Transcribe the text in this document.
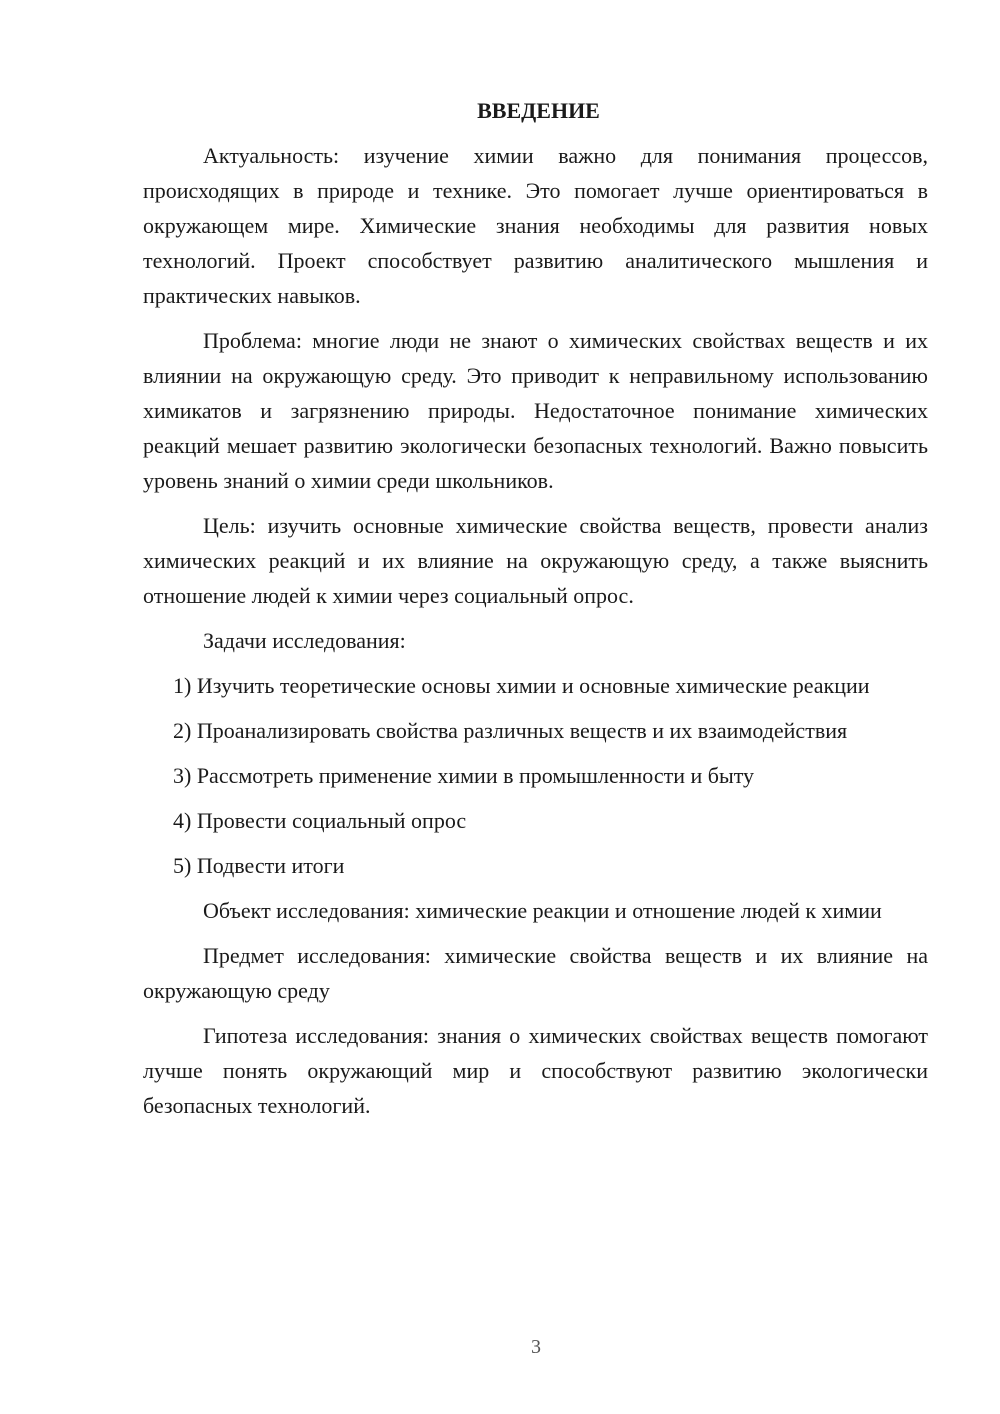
ВВЕДЕНИЕ

Актуальность: изучение химии важно для понимания процессов, происходящих в природе и технике. Это помогает лучше ориентироваться в окружающем мире. Химические знания необходимы для развития новых технологий. Проект способствует развитию аналитического мышления и практических навыков.

Проблема: многие люди не знают о химических свойствах веществ и их влиянии на окружающую среду. Это приводит к неправильному использованию химикатов и загрязнению природы. Недостаточное понимание химических реакций мешает развитию экологически безопасных технологий. Важно повысить уровень знаний о химии среди школьников.

Цель: изучить основные химические свойства веществ, провести анализ химических реакций и их влияние на окружающую среду, а также выяснить отношение людей к химии через социальный опрос.

Задачи исследования:

1) Изучить теоретические основы химии и основные химические реакции

2) Проанализировать свойства различных веществ и их взаимодействия

3) Рассмотреть применение химии в промышленности и быту

4) Провести социальный опрос

5) Подвести итоги

Объект исследования: химические реакции и отношение людей к химии

Предмет исследования: химические свойства веществ и их влияние на окружающую среду

Гипотеза исследования: знания о химических свойствах веществ помогают лучше понять окружающий мир и способствуют развитию экологически безопасных технологий.

3
